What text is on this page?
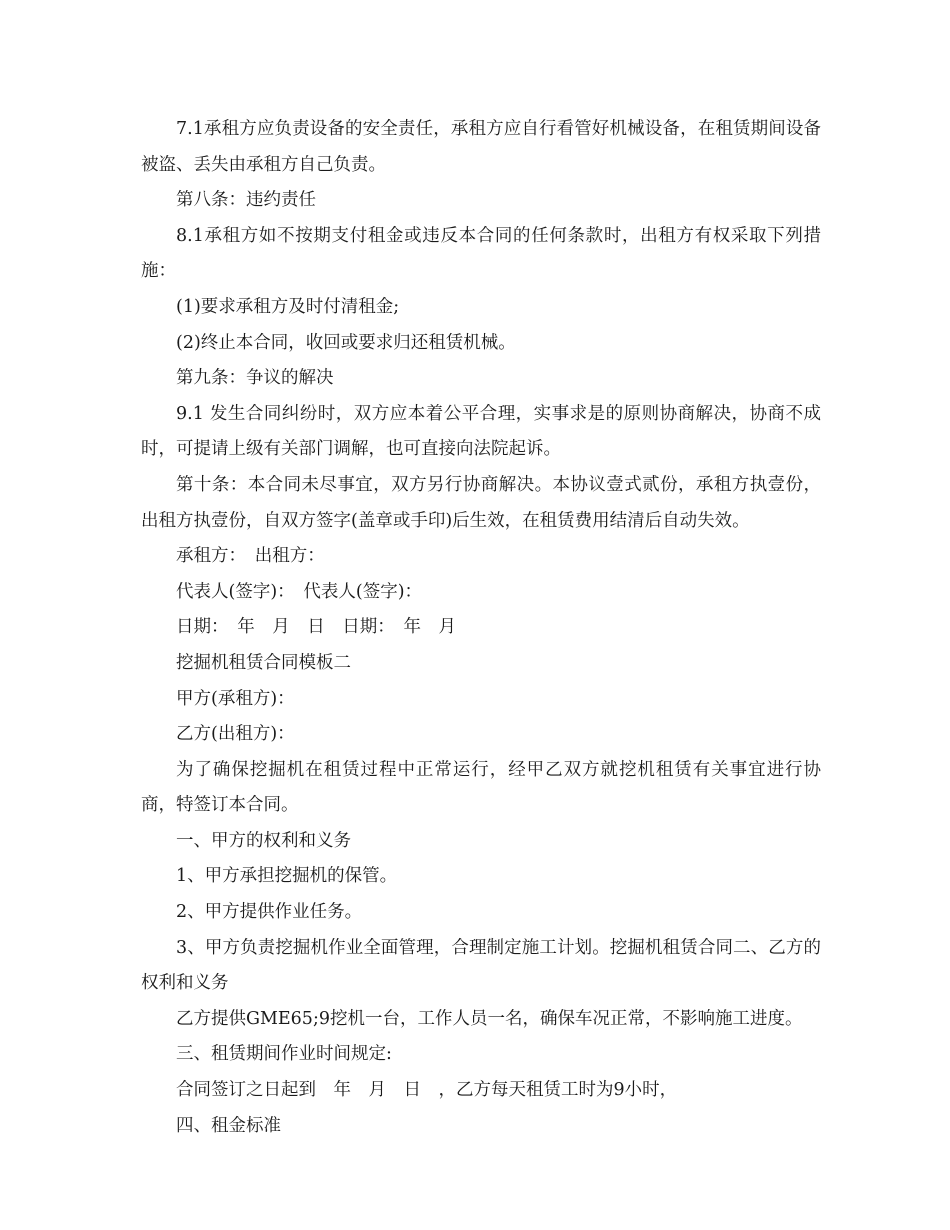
7.1承租方应负责设备的安全责任，承租方应自行看管好机械设备，在租赁期间设备被盗、丢失由承租方自己负责。

第八条：违约责任

8.1承租方如不按期支付租金或违反本合同的任何条款时，出租方有权采取下列措施：

(1)要求承租方及时付清租金;

(2)终止本合同，收回或要求归还租赁机械。

第九条：争议的解决

9.1 发生合同纠纷时，双方应本着公平合理，实事求是的原则协商解决，协商不成时，可提请上级有关部门调解，也可直接向法院起诉。

第十条：本合同未尽事宜，双方另行协商解决。本协议壹式贰份，承租方执壹份，出租方执壹份，自双方签字(盖章或手印)后生效，在租赁费用结清后自动失效。

承租方：　出租方：

代表人(签字)：　代表人(签字)：

日期：　年　月　日　日期：　年　月

挖掘机租赁合同模板二

甲方(承租方)：

乙方(出租方)：

为了确保挖掘机在租赁过程中正常运行，经甲乙双方就挖机租赁有关事宜进行协商，特签订本合同。

一、甲方的权利和义务

1、甲方承担挖掘机的保管。

2、甲方提供作业任务。

3、甲方负责挖掘机作业全面管理，合理制定施工计划。挖掘机租赁合同二、乙方的权利和义务

乙方提供GME65;9挖机一台，工作人员一名，确保车况正常，不影响施工进度。

三、租赁期间作业时间规定:

合同签订之日起到　年　月　日　，乙方每天租赁工时为9小时，

四、租金标准
